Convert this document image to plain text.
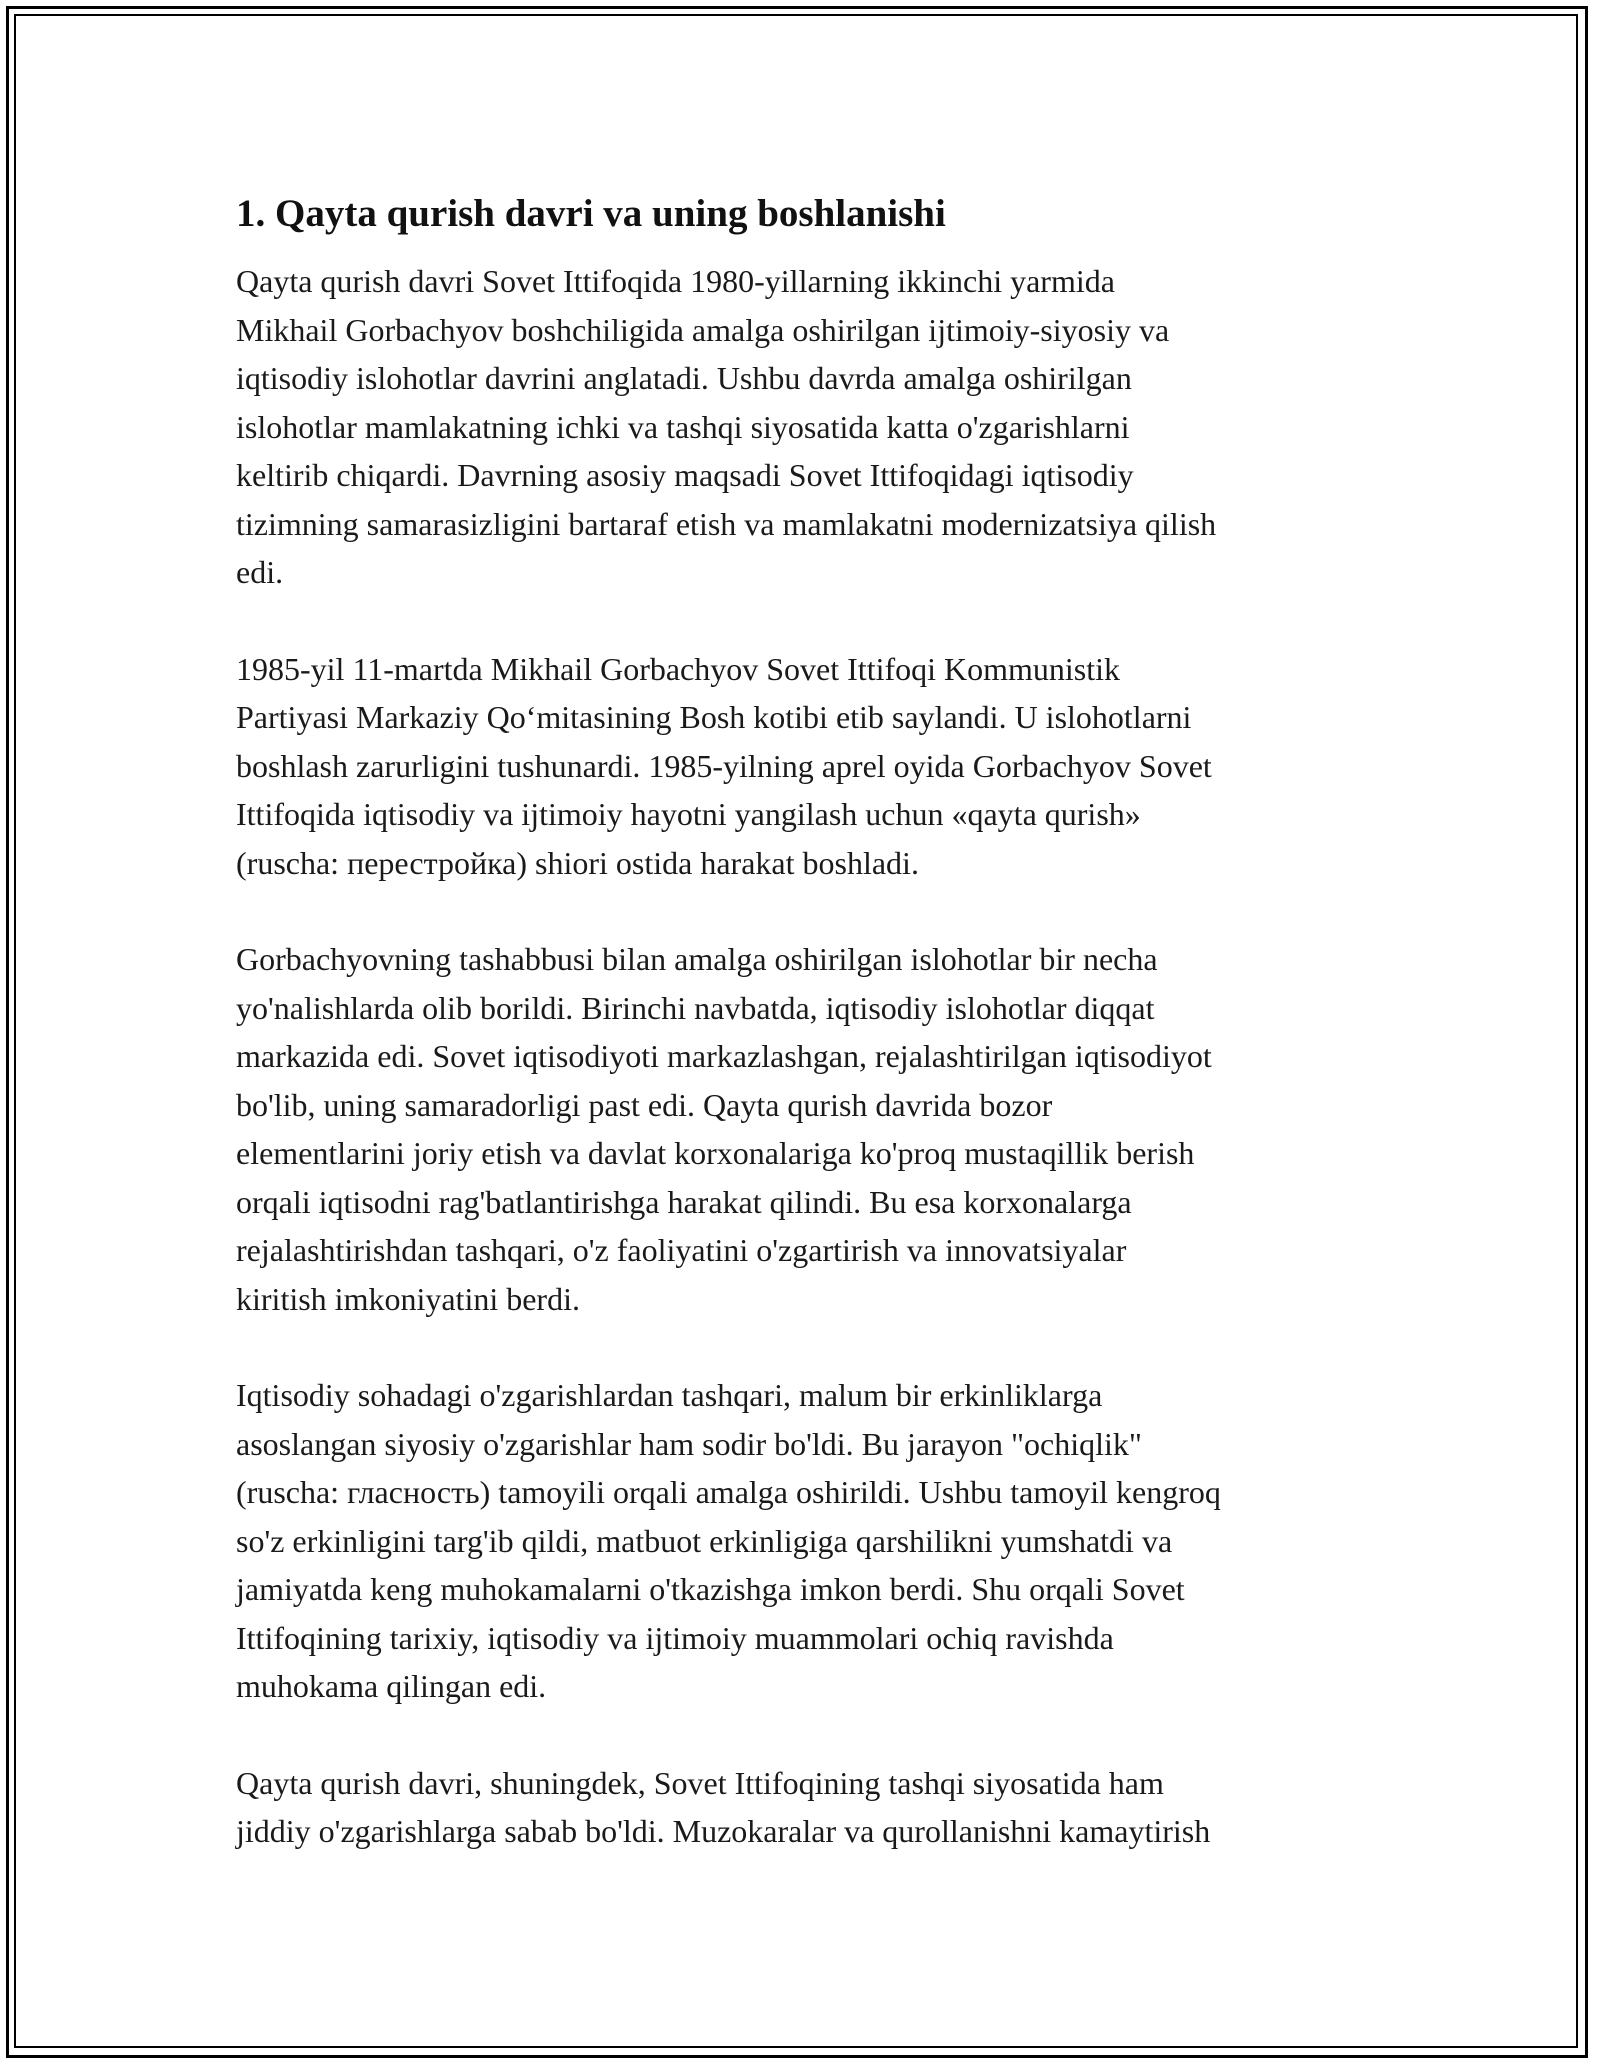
1. Qayta qurish davri va uning boshlanishi

Qayta qurish davri Sovet Ittifoqida 1980-yillarning ikkinchi yarmida
Mikhail Gorbachyov boshchiligida amalga oshirilgan ijtimoiy-siyosiy va
iqtisodiy islohotlar davrini anglatadi. Ushbu davrda amalga oshirilgan
islohotlar mamlakatning ichki va tashqi siyosatida katta o'zgarishlarni
keltirib chiqardi. Davrning asosiy maqsadi Sovet Ittifoqidagi iqtisodiy
tizimning samarasizligini bartaraf etish va mamlakatni modernizatsiya qilish
edi.

1985-yil 11-martda Mikhail Gorbachyov Sovet Ittifoqi Kommunistik
Partiyasi Markaziy Qo‘mitasining Bosh kotibi etib saylandi. U islohotlarni
boshlash zarurligini tushunardi. 1985-yilning aprel oyida Gorbachyov Sovet
Ittifoqida iqtisodiy va ijtimoiy hayotni yangilash uchun «qayta qurish»
(ruscha: перестройка) shiori ostida harakat boshladi.

Gorbachyovning tashabbusi bilan amalga oshirilgan islohotlar bir necha
yo'nalishlarda olib borildi. Birinchi navbatda, iqtisodiy islohotlar diqqat
markazida edi. Sovet iqtisodiyoti markazlashgan, rejalashtirilgan iqtisodiyot
bo'lib, uning samaradorligi past edi. Qayta qurish davrida bozor
elementlarini joriy etish va davlat korxonalariga ko'proq mustaqillik berish
orqali iqtisodni rag'batlantirishga harakat qilindi. Bu esa korxonalarga
rejalashtirishdan tashqari, o'z faoliyatini o'zgartirish va innovatsiyalar
kiritish imkoniyatini berdi.

Iqtisodiy sohadagi o'zgarishlardan tashqari, malum bir erkinliklarga
asoslangan siyosiy o'zgarishlar ham sodir bo'ldi. Bu jarayon "ochiqlik"
(ruscha: гласность) tamoyili orqali amalga oshirildi. Ushbu tamoyil kengroq
so'z erkinligini targ'ib qildi, matbuot erkinligiga qarshilikni yumshatdi va
jamiyatda keng muhokamalarni o'tkazishga imkon berdi. Shu orqali Sovet
Ittifoqining tarixiy, iqtisodiy va ijtimoiy muammolari ochiq ravishda
muhokama qilingan edi.

Qayta qurish davri, shuningdek, Sovet Ittifoqining tashqi siyosatida ham
jiddiy o'zgarishlarga sabab bo'ldi. Muzokaralar va qurollanishni kamaytirish
